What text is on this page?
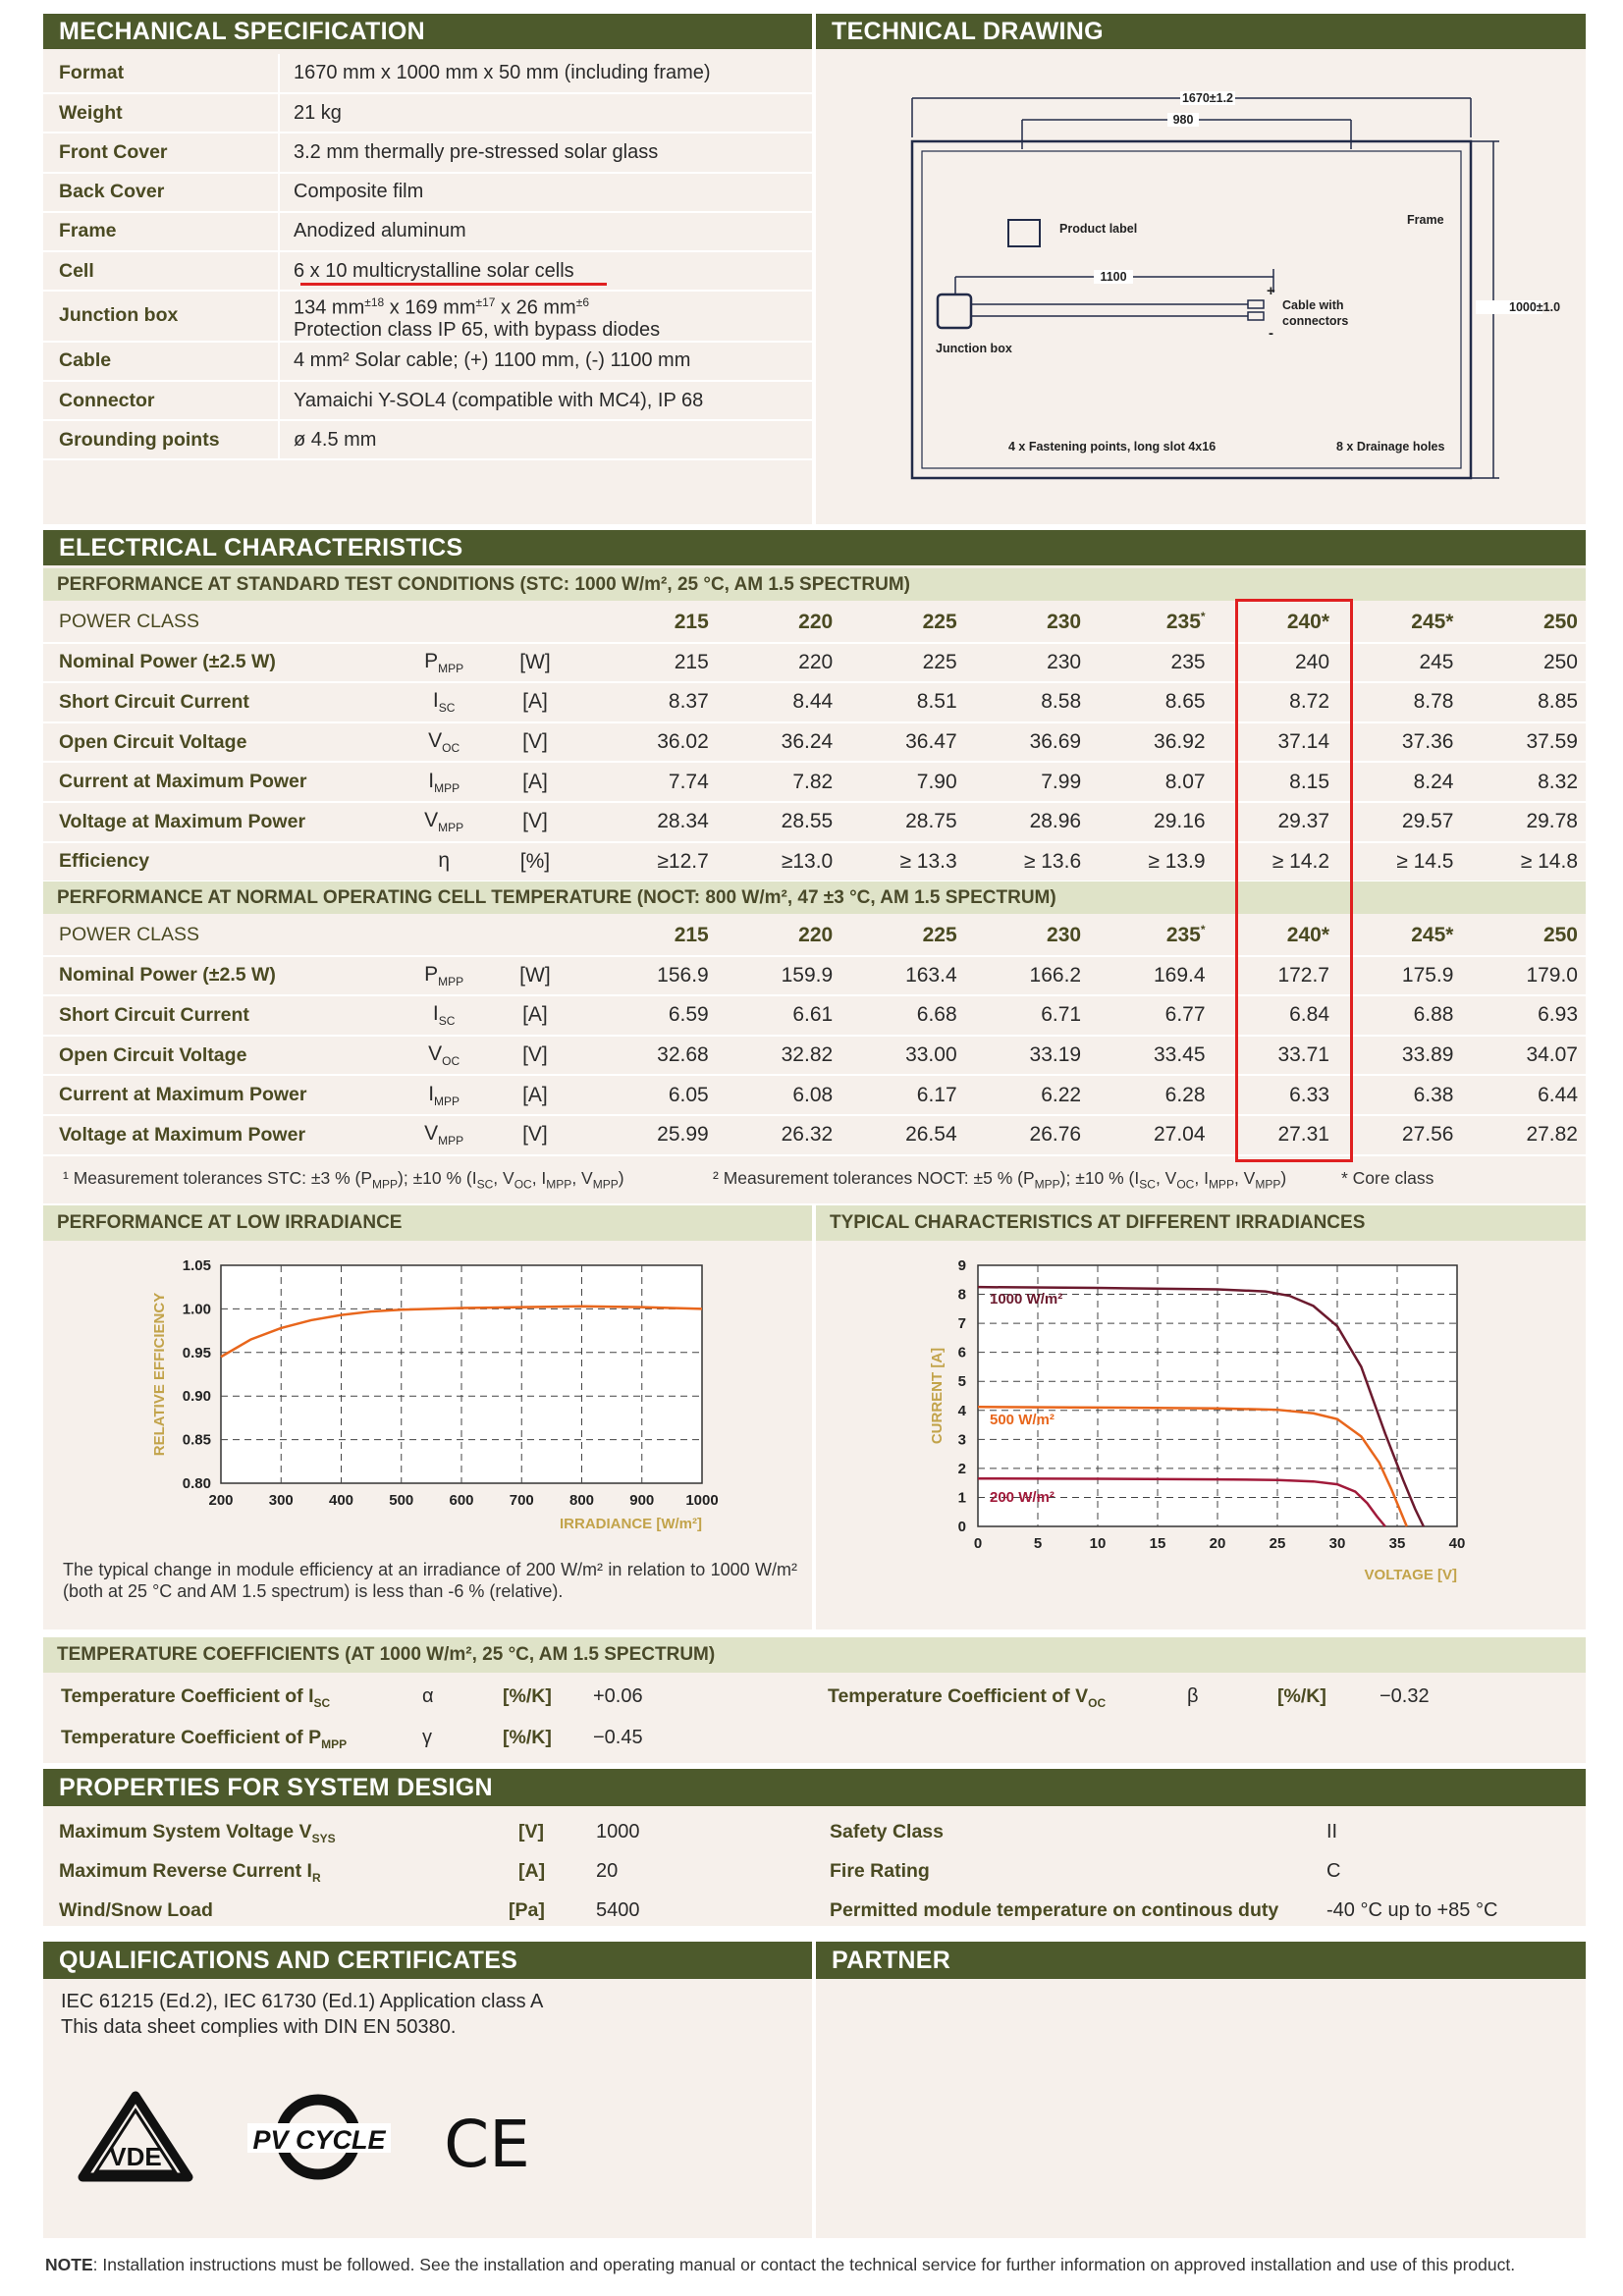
MECHANICAL SPECIFICATION
Format	1670 mm x 1000 mm x 50 mm (including frame)
Weight	21 kg
Front Cover	3.2 mm thermally pre-stressed solar glass
Back Cover	Composite film
Frame	Anodized aluminum
Cell	6 x 10 multicrystalline solar cells
Junction box	134 $mm^{\pm 18}$ x 169 $mm^{\pm 17}$ x 26 $mm^{\pm 6}$
Protection class IP 65, with bypass diodes

Cable	4 mm² Solar cable; (+) 1100 mm, (-) 1100 mm
Connector	Yamaichi Y-SOL4 (compatible with MC4), IP 68
Grounding points	ø 4.5 mm
TECHNICAL DRAWING
1670±1.2
980
1000±1.0
1100
Product label
Frame
Cable with
connectors
Junction box
4 x Fastening points, long slot 4x16	8 x Drainage holes
+
-
ELECTRICAL CHARACTERISTICS
PERFORMANCE AT STANDARD TEST CONDITIONS (STC: 1000 W/m², 25 °C, AM 1.5 SPECTRUM)
POWER CLASS			215	220	225	230	235*	240*	245*	250
Nominal Power (±2.5 W)	$P_{MPP}$	[W]	215	220	225	230	235	240	245	250
Short Circuit Current	$I_{SC}$	[A]	8.37	8.44	8.51	8.58	8.65	8.72	8.78	8.85
Open Circuit Voltage	$V_{OC}$	[V]	36.02	36.24	36.47	36.69	36.92	37.14	37.36	37.59
Current at Maximum Power	$I_{MPP}$	[A]	7.74	7.82	7.90	7.99	8.07	8.15	8.24	8.32
Voltage at Maximum Power	$V_{MPP}$	[V]	28.34	28.55	28.75	28.96	29.16	29.37	29.57	29.78
Efficiency	η	[%]	≥12.7	≥13.0	≥ 13.3	≥ 13.6	≥ 13.9	≥ 14.2	≥ 14.5	≥ 14.8
PERFORMANCE AT NORMAL OPERATING CELL TEMPERATURE (NOCT: 800 W/m², 47 ±3 °C, AM 1.5 SPECTRUM)
POWER CLASS			215	220	225	230	235*	240*	245*	250
Nominal Power (±2.5 W)	$P_{MPP}$	[W]	156.9	159.9	163.4	166.2	169.4	172.7	175.9	179.0
Short Circuit Current	$I_{SC}$	[A]	6.59	6.61	6.68	6.71	6.77	6.84	6.88	6.93
Open Circuit Voltage	$V_{OC}$	[V]	32.68	32.82	33.00	33.19	33.45	33.71	33.89	34.07
Current at Maximum Power	$I_{MPP}$	[A]	6.05	6.08	6.17	6.22	6.28	6.33	6.38	6.44
Voltage at Maximum Power	$V_{MPP}$	[V]	25.99	26.32	26.54	26.76	27.04	27.31	27.56	27.82
¹ Measurement tolerances STC: ±3 % $(P_{MPP})$; ±10 % ($I_{SC}$, $V_{OC}$, $I_{MPP}$, $V_{MPP}$)	² Measurement tolerances NOCT: ±5 % $(P_{MPP})$; ±10 % ($I_{SC}$, $V_{OC}$, $I_{MPP}$, $V_{MPP}$)	* Core class
PERFORMANCE AT LOW IRRADIANCE
200 300 400 500 600 700 800 900 1000
0.80
0.85
0.90
0.95
1.00
1.05
IRRADIANCE [W/m²]
RELATIVE EFFICIENCY
The typical change in module efficiency at an irradiance of 200 W/m² in relation to 1000 W/m² (both at 25 °C and AM 1.5 spectrum) is less than -6 % (relative).
TYPICAL CHARACTERISTICS AT DIFFERENT IRRADIANCES
0	5	10	15	20	25	30	35	40
0
1
2
3
4
5
6
7
8
9
1000 W/m²
500 W/m²
200 W/m²
VOLTAGE [V]
CURRENT [A]
TEMPERATURE COEFFICIENTS (AT 1000 W/m², 25 °C, AM 1.5 SPECTRUM)
Temperature Coefficient of $I_{SC}$	α	[%/K] +0.06	Temperature Coefficient of $V_{OC}$	β	[%/K]	−0.32
Temperature Coefficient of $P_{MPP}$	γ	[%/K] −0.45
PROPERTIES FOR SYSTEM DESIGN
Maximum System Voltage $V_{SYS}$	[V]	1000
Maximum Reverse Current $I_R$	[A]	20
Wind/Snow Load	[Pa]	5400
Safety Class	II
Fire Rating	C
Permitted module temperature on continous duty -40 °C up to +85 °C
QUALIFICATIONS AND CERTIFICATES
IEC 61215 (Ed.2), IEC 61730 (Ed.1) Application class A
This data sheet complies with DIN EN 50380.
VDE
PV CYCLE CE
PARTNER
NOTE: Installation instructions must be followed. See the installation and operating manual or contact the technical service for further information on approved installation and use of this product.
